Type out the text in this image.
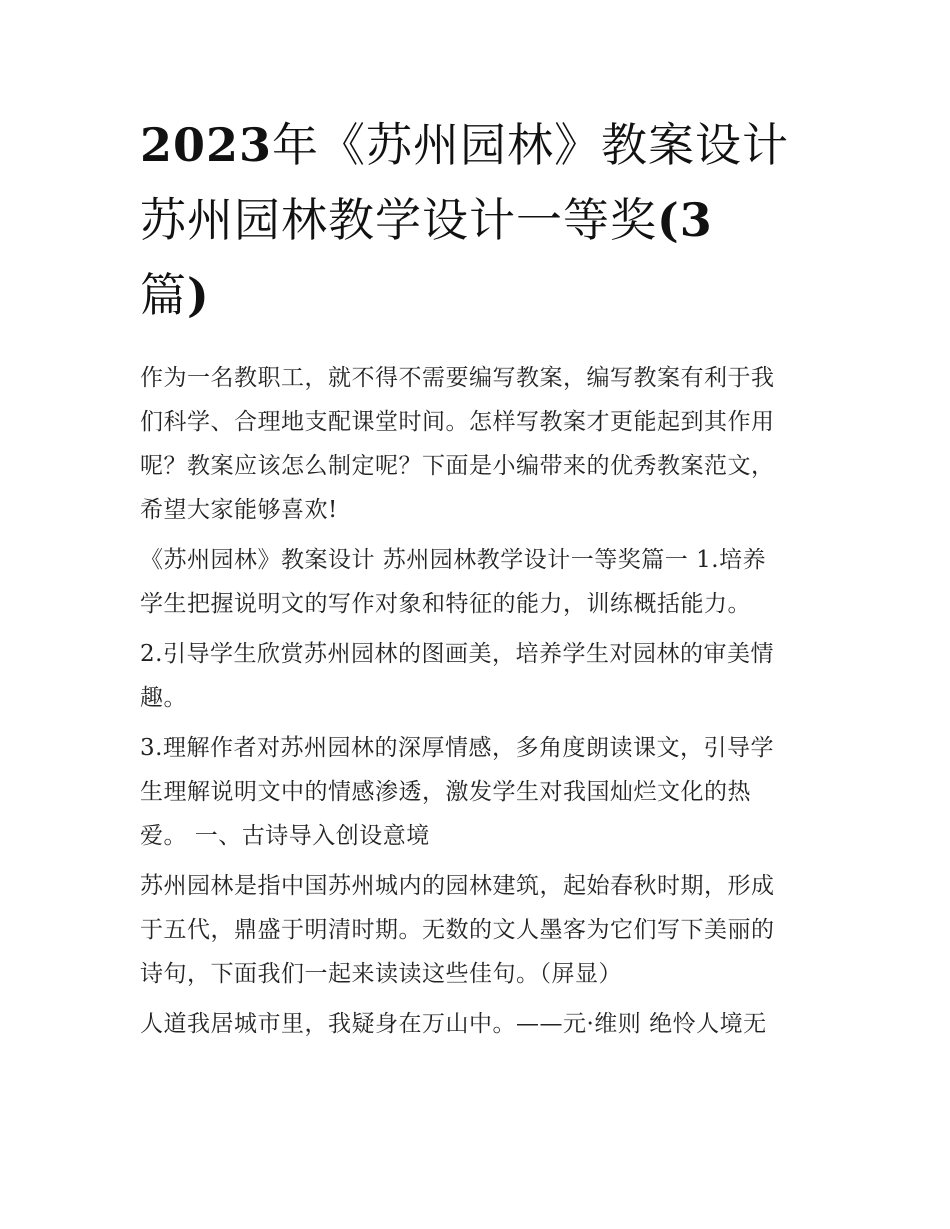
2023年《苏州园林》教案设计
苏州园林教学设计一等奖(3
篇)
作为一名教职工，就不得不需要编写教案，编写教案有利于我
们科学、合理地支配课堂时间。怎样写教案才更能起到其作用
呢？教案应该怎么制定呢？下面是小编带来的优秀教案范文，
希望大家能够喜欢!
《苏州园林》教案设计 苏州园林教学设计一等奖篇一 1.培养
学生把握说明文的写作对象和特征的能力，训练概括能力。
2.引导学生欣赏苏州园林的图画美，培养学生对园林的审美情
趣。
3.理解作者对苏州园林的深厚情感，多角度朗读课文，引导学
生理解说明文中的情感渗透，激发学生对我国灿烂文化的热
爱。 一、古诗导入创设意境
苏州园林是指中国苏州城内的园林建筑，起始春秋时期，形成
于五代，鼎盛于明清时期。无数的文人墨客为它们写下美丽的
诗句，下面我们一起来读读这些佳句。（屏显）
人道我居城市里，我疑身在万山中。——元·维则 绝怜人境无
